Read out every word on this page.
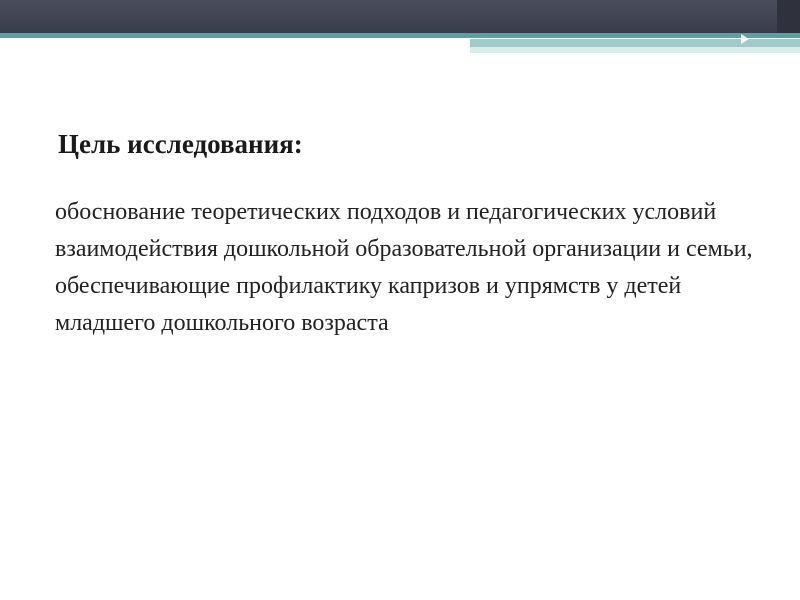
Цель исследования:

обоснование теоретических подходов и педагогических условий взаимодействия дошкольной образовательной организации и семьи, обеспечивающие профилактику капризов и упрямств у детей младшего дошкольного возраста
